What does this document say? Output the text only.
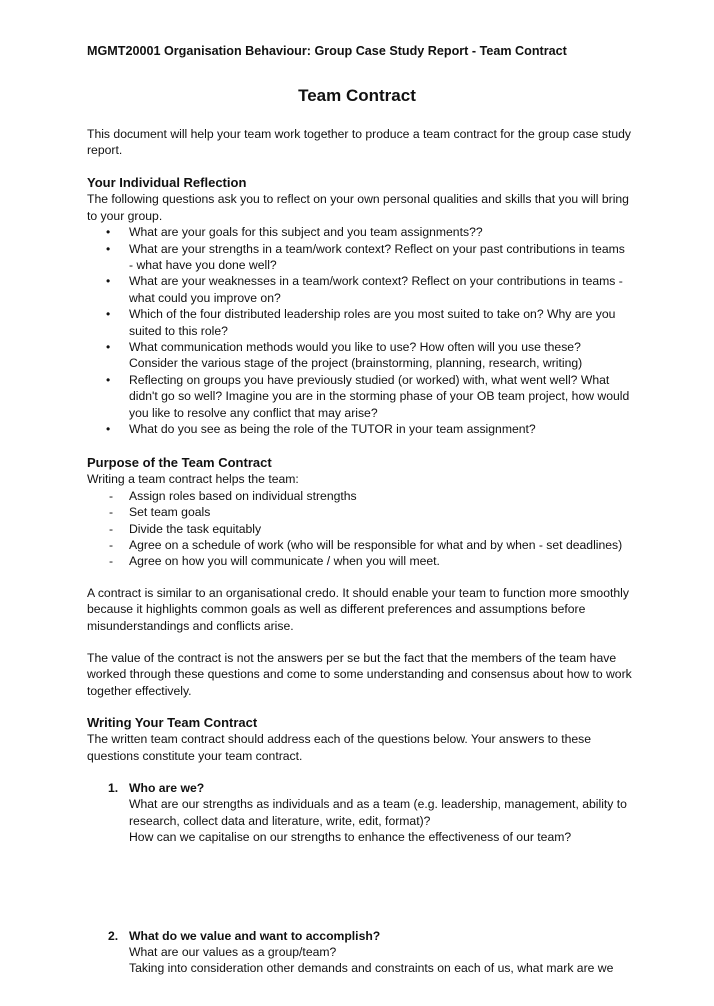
MGMT20001 Organisation Behaviour: Group Case Study Report - Team Contract
Team Contract

This document will help your team work together to produce a team contract for the group case study report.

Your Individual Reflection

The following questions ask you to reflect on your own personal qualities and skills that you will bring to your group.

• What are your goals for this subject and you team assignments??
• What are your strengths in a team/work context? Reflect on your past contributions in teams - what have you done well?
• What are your weaknesses in a team/work context? Reflect on your contributions in teams - what could you improve on?
• Which of the four distributed leadership roles are you most suited to take on? Why are you suited to this role?
• What communication methods would you like to use? How often will you use these? Consider the various stage of the project (brainstorming, planning, research, writing)
• Reflecting on groups you have previously studied (or worked) with, what went well? What didn't go so well? Imagine you are in the storming phase of your OB team project, how would you like to resolve any conflict that may arise?
• What do you see as being the role of the TUTOR in your team assignment?
Purpose of the Team Contract

Writing a team contract helps the team:

- Assign roles based on individual strengths
- Set team goals
- Divide the task equitably
- Agree on a schedule of work (who will be responsible for what and by when - set deadlines)
- Agree on how you will communicate / when you will meet.

A contract is similar to an organisational credo. It should enable your team to function more smoothly because it highlights common goals as well as different preferences and assumptions before misunderstandings and conflicts arise.

The value of the contract is not the answers per se but the fact that the members of the team have worked through these questions and come to some understanding and consensus about how to work together effectively.

Writing Your Team Contract

The written team contract should address each of the questions below. Your answers to these questions constitute your team contract.

1. Who are we?
What are our strengths as individuals and as a team (e.g. leadership, management, ability to research, collect data and literature, write, edit, format)?
How can we capitalise on our strengths to enhance the effectiveness of our team?
2. What do we value and want to accomplish?
What are our values as a group/team?
Taking into consideration other demands and constraints on each of us, what mark are we
